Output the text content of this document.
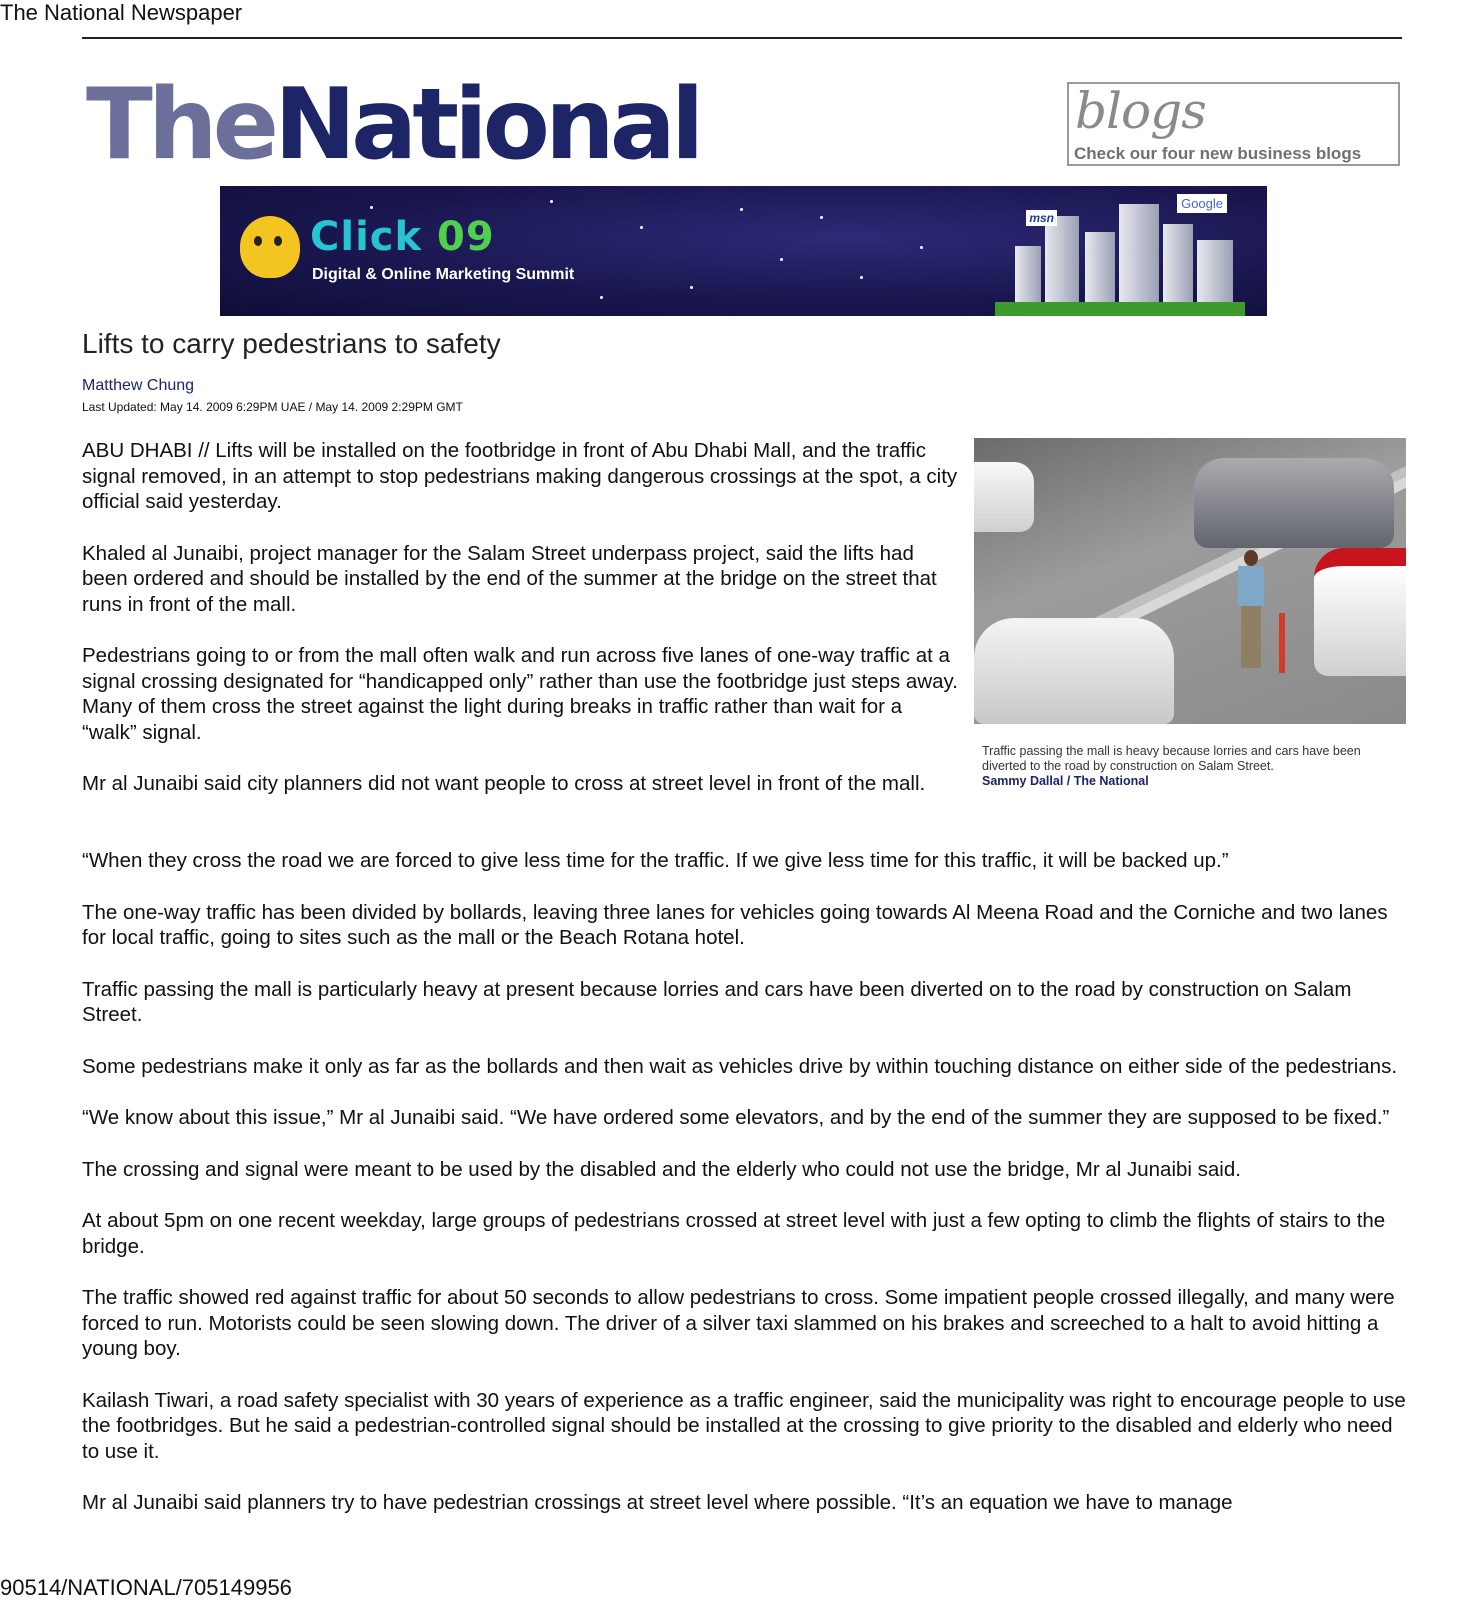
The National Newspaper
TheNational	blogs
Check our four new business blogs
Click 09
Digital & Online Marketing Summit
Google
msn
Lifts to carry pedestrians to safety
Matthew Chung
Last Updated: May 14. 2009 6:29PM UAE / May 14. 2009 2:29PM GMT
Traffic passing the mall is heavy because lorries and cars have been diverted to the road by construction on Salam Street.
Sammy Dallal / The National

ABU DHABI // Lifts will be installed on the footbridge in front of Abu Dhabi Mall, and the traffic signal removed, in an attempt to stop pedestrians making dangerous crossings at the spot, a city official said yesterday.

Khaled al Junaibi, project manager for the Salam Street underpass project, said the lifts had been ordered and should be installed by the end of the summer at the bridge on the street that runs in front of the mall.

Pedestrians going to or from the mall often walk and run across five lanes of one-way traffic at a signal crossing designated for “handicapped only” rather than use the footbridge just steps away. Many of them cross the street against the light during breaks in traffic rather than wait for a “walk” signal.

Mr al Junaibi said city planners did not want people to cross at street level in front of the mall.

“When they cross the road we are forced to give less time for the traffic. If we give less time for this traffic, it will be backed up.”

The one-way traffic has been divided by bollards, leaving three lanes for vehicles going towards Al Meena Road and the Corniche and two lanes for local traffic, going to sites such as the mall or the Beach Rotana hotel.

Traffic passing the mall is particularly heavy at present because lorries and cars have been diverted on to the road by construction on Salam Street.

Some pedestrians make it only as far as the bollards and then wait as vehicles drive by within touching distance on either side of the pedestrians.

“We know about this issue,” Mr al Junaibi said. “We have ordered some elevators, and by the end of the summer they are supposed to be fixed.”

The crossing and signal were meant to be used by the disabled and the elderly who could not use the bridge, Mr al Junaibi said.

At about 5pm on one recent weekday, large groups of pedestrians crossed at street level with just a few opting to climb the flights of stairs to the bridge.

The traffic showed red against traffic for about 50 seconds to allow pedestrians to cross. Some impatient people crossed illegally, and many were forced to run. Motorists could be seen slowing down. The driver of a silver taxi slammed on his brakes and screeched to a halt to avoid hitting a young boy.

Kailash Tiwari, a road safety specialist with 30 years of experience as a traffic engineer, said the municipality was right to encourage people to use the footbridges. But he said a pedestrian-controlled signal should be installed at the crossing to give priority to the disabled and elderly who need to use it.

Mr al Junaibi said planners try to have pedestrian crossings at street level where possible. “It’s an equation we have to manage

90514/NATIONAL/705149956
